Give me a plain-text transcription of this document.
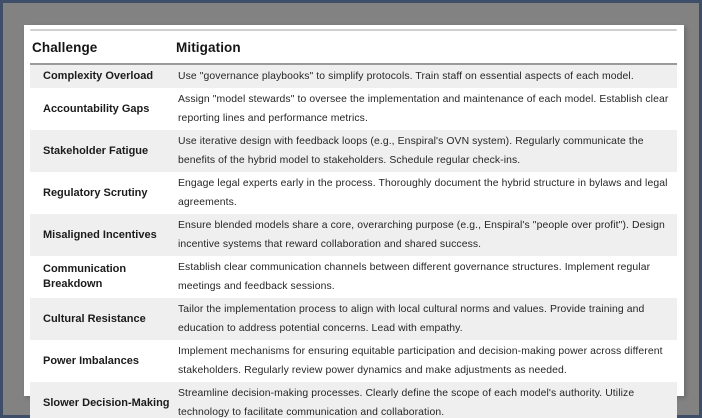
Challenge	Mitigation
Complexity Overload	Use "governance playbooks" to simplify protocols. Train staff on essential aspects of each model.
Accountability Gaps
Assign "model stewards" to oversee the implementation and maintenance of each model. Establish clear reporting lines and performance metrics.
Stakeholder Fatigue
Use iterative design with feedback loops (e.g., Enspiral's OVN system). Regularly communicate the benefits of the hybrid model to stakeholders. Schedule regular check-ins.
Regulatory Scrutiny
Engage legal experts early in the process. Thoroughly document the hybrid structure in bylaws and legal agreements.
Misaligned Incentives
Ensure blended models share a core, overarching purpose (e.g., Enspiral's "people over profit"). Design incentive systems that reward collaboration and shared success.
Communication Breakdown
Establish clear communication channels between different governance structures. Implement regular meetings and feedback sessions.
Cultural Resistance
Tailor the implementation process to align with local cultural norms and values. Provide training and education to address potential concerns. Lead with empathy.
Power Imbalances
Implement mechanisms for ensuring equitable participation and decision-making power across different stakeholders. Regularly review power dynamics and make adjustments as needed.
Slower Decision-Making
Streamline decision-making processes. Clearly define the scope of each model's authority. Utilize technology to facilitate communication and collaboration.
